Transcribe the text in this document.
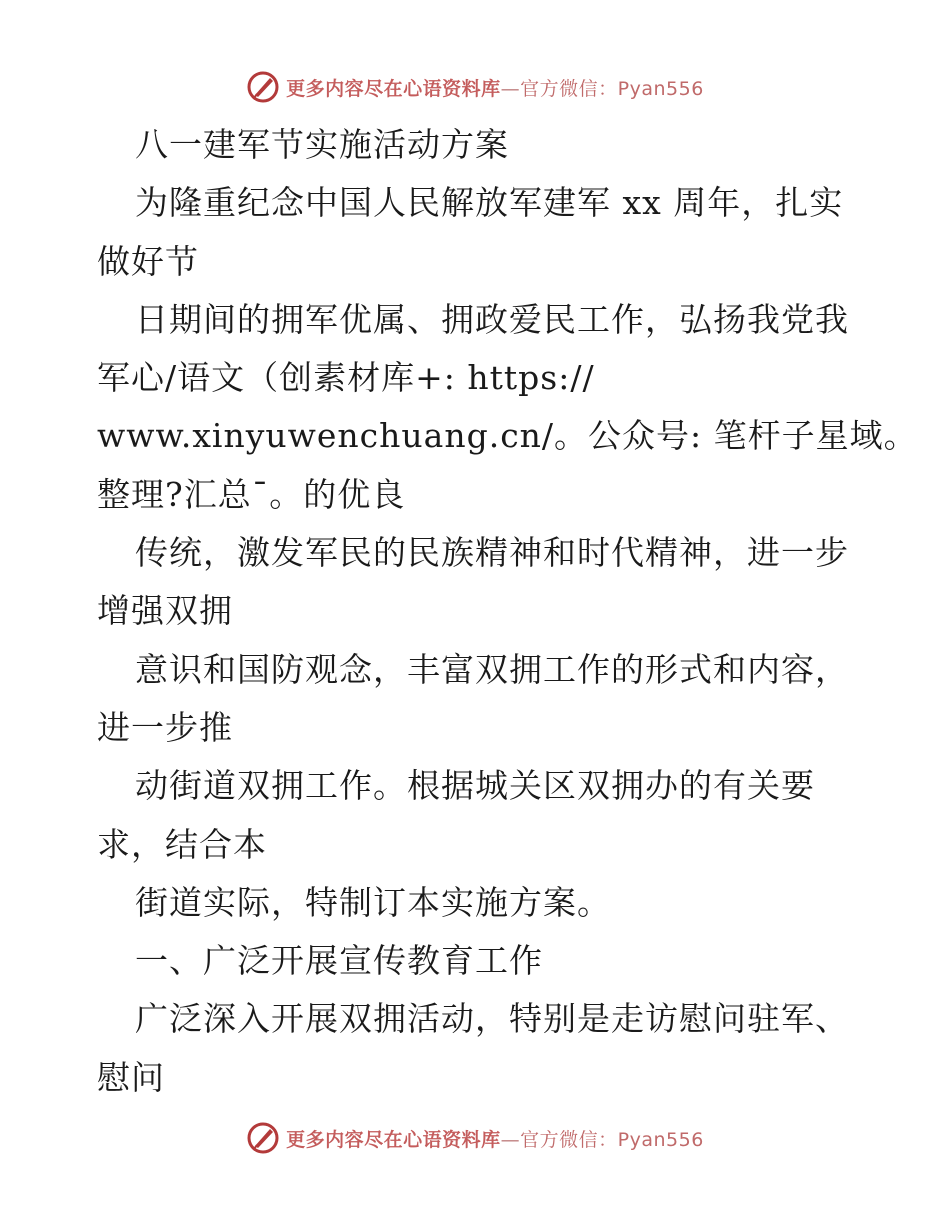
更多内容尽在心语资料库—官方微信：Pyan556
八一建军节实施活动方案
为隆重纪念中国人民解放军建军 xx 周年，扎实
做好节
日期间的拥军优属、拥政爱民工作，弘扬我党我
军心/语文（创素材库+: https://
www.xinyuwenchuang.cn/。公众号: 笔杆子星域。
整理?汇总¯。的优良
传统，激发军民的民族精神和时代精神，进一步
增强双拥
意识和国防观念，丰富双拥工作的形式和内容，
进一步推
动街道双拥工作。根据城关区双拥办的有关要
求，结合本
街道实际，特制订本实施方案。
一、广泛开展宣传教育工作
广泛深入开展双拥活动，特别是走访慰问驻军、
慰问
更多内容尽在心语资料库—官方微信：Pyan556
